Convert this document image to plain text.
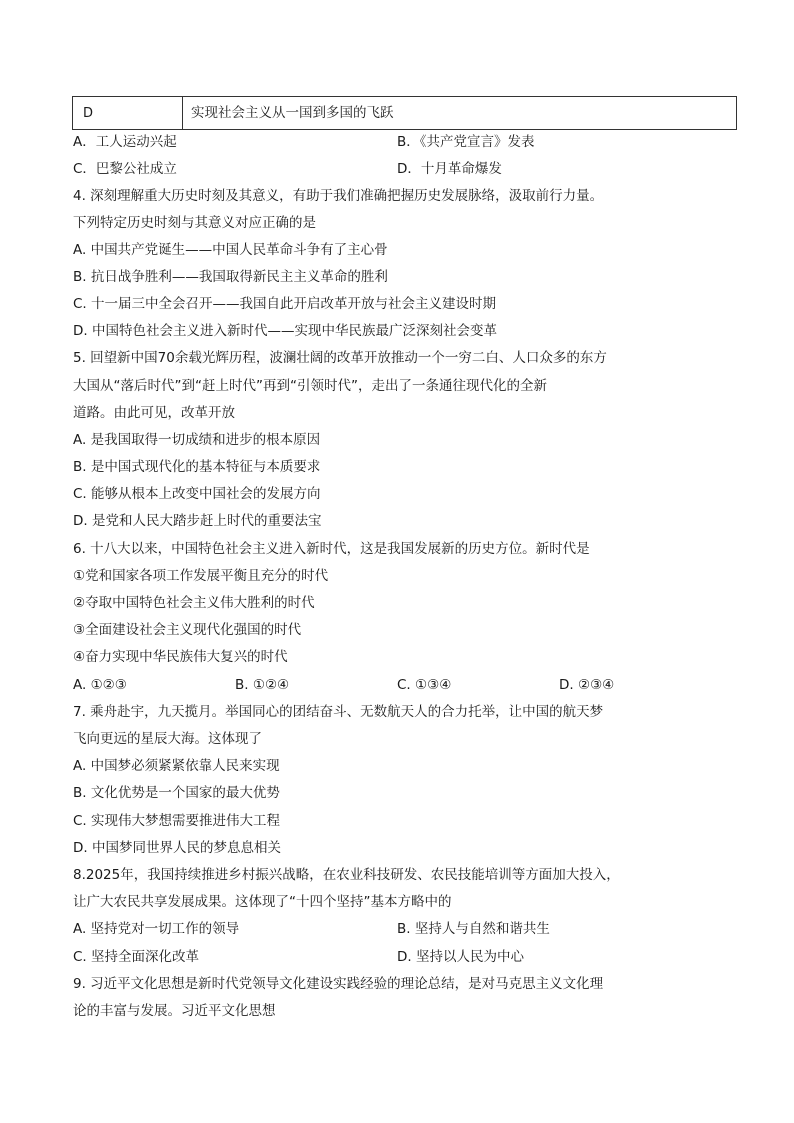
D	实现社会主义从一国到多国的飞跃
A．工人运动兴起	B．《共产党宣言》发表
C．巴黎公社成立	D．十月革命爆发
4. 深刻理解重大历史时刻及其意义，有助于我们准确把握历史发展脉络，汲取前行力量。
下列特定历史时刻与其意义对应正确的是
A. 中国共产党诞生——中国人民革命斗争有了主心骨
B. 抗日战争胜利——我国取得新民主主义革命的胜利
C. 十一届三中全会召开——我国自此开启改革开放与社会主义建设时期
D. 中国特色社会主义进入新时代——实现中华民族最广泛深刻社会变革
5. 回望新中国70余载光辉历程，波澜壮阔的改革开放推动一个一穷二白、人口众多的东方
大国从“落后时代”到“赶上时代”再到“引领时代”，走出了一条通往现代化的全新
道路。由此可见，改革开放
A. 是我国取得一切成绩和进步的根本原因
B. 是中国式现代化的基本特征与本质要求
C. 能够从根本上改变中国社会的发展方向
D. 是党和人民大踏步赶上时代的重要法宝
6. 十八大以来，中国特色社会主义进入新时代，这是我国发展新的历史方位。新时代是
①党和国家各项工作发展平衡且充分的时代
②夺取中国特色社会主义伟大胜利的时代
③全面建设社会主义现代化强国的时代
④奋力实现中华民族伟大复兴的时代
A. ①②③	B. ①②④	C. ①③④	D. ②③④
7. 乘舟赴宇，九天揽月。举国同心的团结奋斗、无数航天人的合力托举，让中国的航天梦
飞向更远的星辰大海。这体现了
A. 中国梦必须紧紧依靠人民来实现
B. 文化优势是一个国家的最大优势
C. 实现伟大梦想需要推进伟大工程
D. 中国梦同世界人民的梦息息相关
8.2025年，我国持续推进乡村振兴战略，在农业科技研发、农民技能培训等方面加大投入，
让广大农民共享发展成果。这体现了“十四个坚持”基本方略中的
A. 坚持党对一切工作的领导	B. 坚持人与自然和谐共生
C. 坚持全面深化改革	D. 坚持以人民为中心
9. 习近平文化思想是新时代党领导文化建设实践经验的理论总结，是对马克思主义文化理
论的丰富与发展。习近平文化思想
